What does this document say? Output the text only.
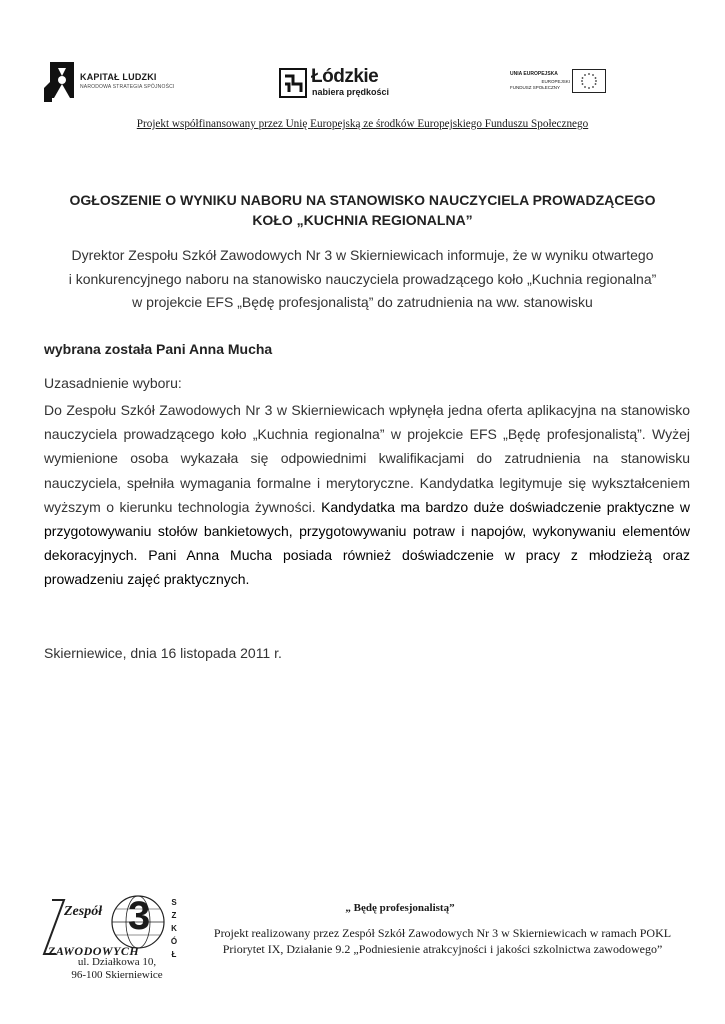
KAPITAŁ LUDZKI
NARODOWA STRATEGIA SPÓJNOŚCI	Łódzkie
nabiera prędkości
UNIA EUROPEJSKA
EUROPEJSKI
FUNDUSZ SPOŁECZNY
Projekt współfinansowany przez Unię Europejską ze środków Europejskiego Funduszu Społecznego
OGŁOSZENIE O WYNIKU NABORU NA STANOWISKO NAUCZYCIELA PROWADZĄCEGO
KOŁO „KUCHNIA REGIONALNA”
Dyrektor Zespołu Szkół Zawodowych Nr 3 w Skierniewicach informuje, że w wyniku otwartego
i konkurencyjnego naboru na stanowisko nauczyciela prowadzącego koło „Kuchnia regionalna”
w projekcie EFS „Będę profesjonalistą” do zatrudnienia na ww. stanowisku
wybrana została Pani Anna Mucha
Uzasadnienie wyboru:
Do Zespołu Szkół Zawodowych Nr 3 w Skierniewicach wpłynęła jedna oferta aplikacyjna na stanowisko nauczyciela prowadzącego koło „Kuchnia regionalna” w projekcie EFS „Będę profesjonalistą”. Wyżej wymienione osoba wykazała się odpowiednimi kwalifikacjami do zatrudnienia na stanowisku nauczyciela, spełniła wymagania formalne i merytoryczne. Kandydatka legitymuje się wykształceniem wyższym o kierunku technologia żywności. Kandydatka ma bardzo duże doświadczenie praktyczne w przygotowywaniu stołów bankietowych, przygotowywaniu potraw i napojów, wykonywaniu elementów dekoracyjnych. Pani Anna Mucha posiada również doświadczenie w pracy z młodzieżą oraz prowadzeniu zajęć praktycznych.
Skierniewice, dnia 16 listopada 2011 r.
Zespół 3	S
Z
K
Ó
Ł
ZAWODOWYCH
ul. Działkowa 10,
96-100 Skierniewice
„ Będę profesjonalistą”
Projekt realizowany przez Zespół Szkół Zawodowych Nr 3 w Skierniewicach w ramach POKL
Priorytet IX, Działanie 9.2 „Podniesienie atrakcyjności i jakości szkolnictwa zawodowego”
